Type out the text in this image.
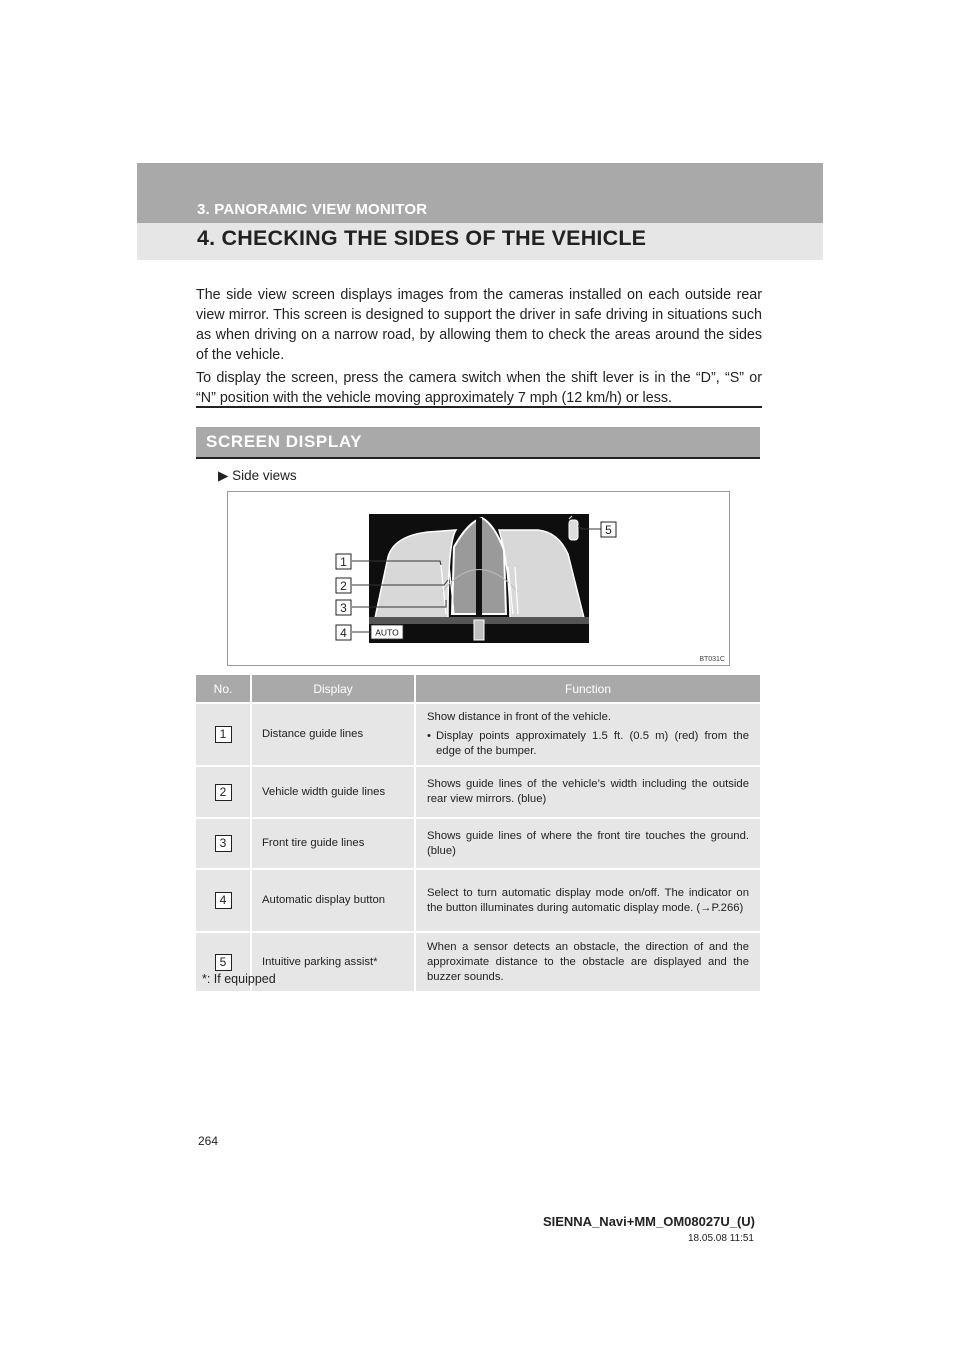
3. PANORAMIC VIEW MONITOR
4. CHECKING THE SIDES OF THE VEHICLE

The side view screen displays images from the cameras installed on each outside rear view mirror. This screen is designed to support the driver in safe driving in situations such as when driving on a narrow road, by allowing them to check the areas around the sides of the vehicle.

To display the screen, press the camera switch when the shift lever is in the “D”, “S” or “N” position with the vehicle moving approximately 7 mph (12 km/h) or less.

SCREEN DISPLAY
▶ Side views
AUTO
1
2
3
4
5
BT031C
No.	Display	Function
1	Distance guide lines	Show distance in front of the vehicle.
• Display points approximately 1.5 ft. (0.5 m) (red) from the edge of the bumper.

2	Vehicle width guide lines	Shows guide lines of the vehicle’s width including the outside rear view mirrors. (blue)
3	Front tire guide lines	Shows guide lines of where the front tire touches the ground. (blue)
4	Automatic display button	Select to turn automatic display mode on/off. The indicator on the button illuminates during automatic display mode. (→P.266)
5	Intuitive parking assist*	When a sensor detects an obstacle, the direction of and the approximate distance to the obstacle are displayed and the buzzer sounds.
*: If equipped
264
SIENNA_Navi+MM_OM08027U_(U)
18.05.08 11:51
